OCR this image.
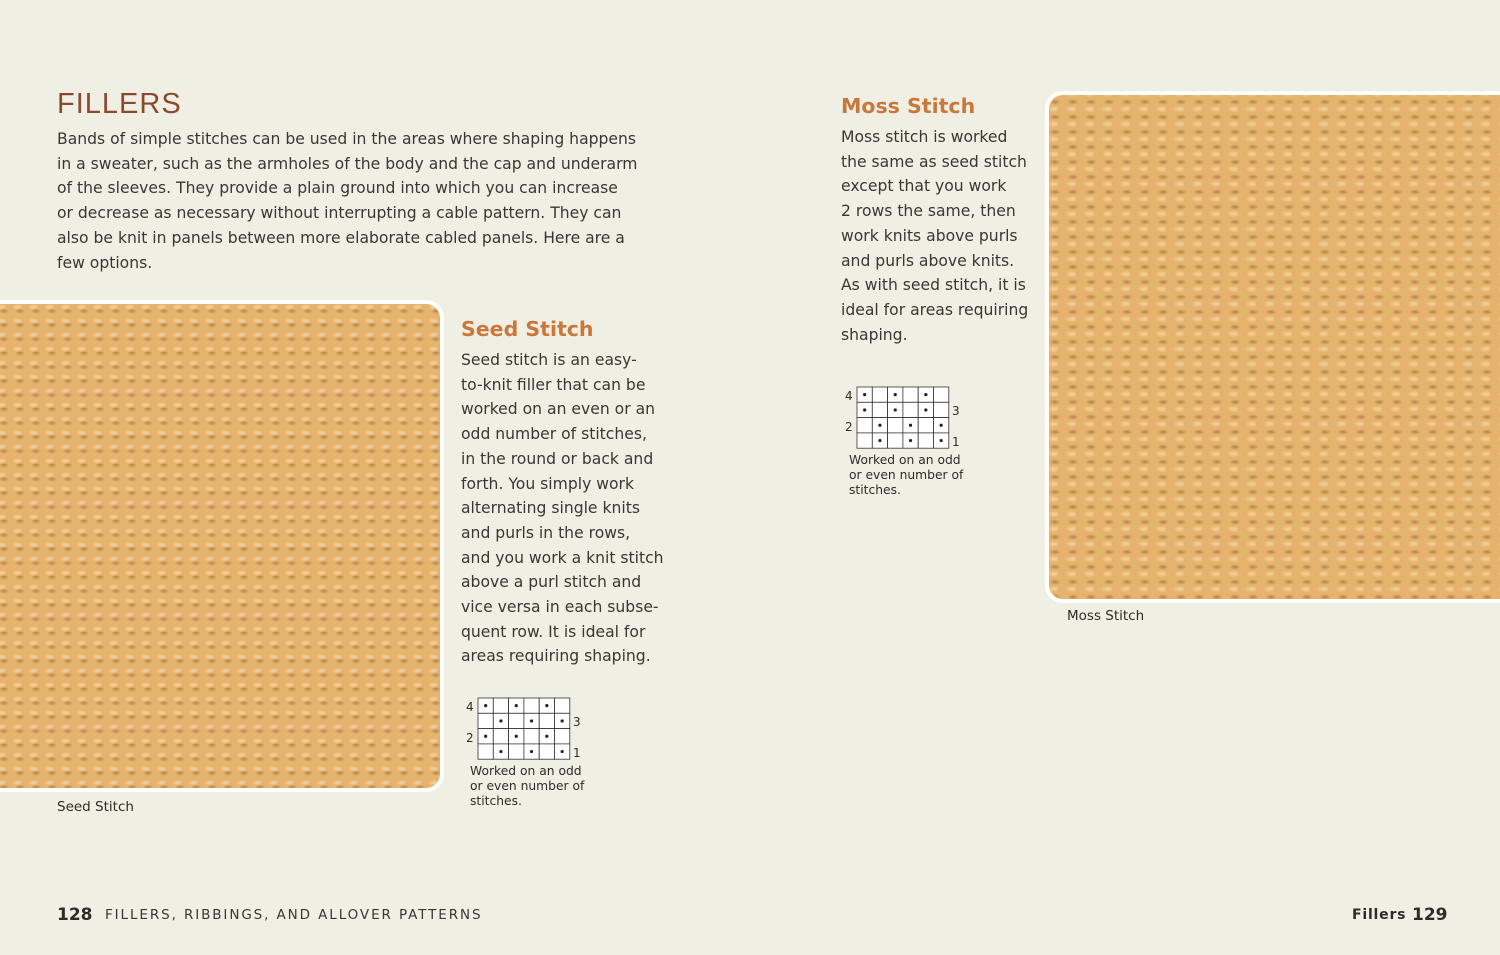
FILLERS
Bands of simple stitches can be used in the areas where shaping happens
in a sweater, such as the armholes of the body and the cap and underarm
of the sleeves. They provide a plain ground into which you can increase
or decrease as necessary without interrupting a cable pattern. They can
also be knit in panels between more elaborate cabled panels. Here are a
few options.
Seed Stitch
Seed Stitch
Seed stitch is an easy-
to-knit filler that can be
worked on an even or an
odd number of stitches,
in the round or back and
forth. You simply work
alternating single knits
and purls in the rows,
and you work a knit stitch
above a purl stitch and
vice versa in each subse-
quent row. It is ideal for
areas requiring shaping.
4
2
3
1
Worked on an odd
or even number of
stitches.
128 FILLERS, RIBBINGS, AND ALLOVER PATTERNS
Moss Stitch
Moss stitch is worked
the same as seed stitch
except that you work
2 rows the same, then
work knits above purls
and purls above knits.
As with seed stitch, it is
ideal for areas requiring
shaping.
4
2
3
1
Worked on an odd
or even number of
stitches.
Moss Stitch
Fillers 129
